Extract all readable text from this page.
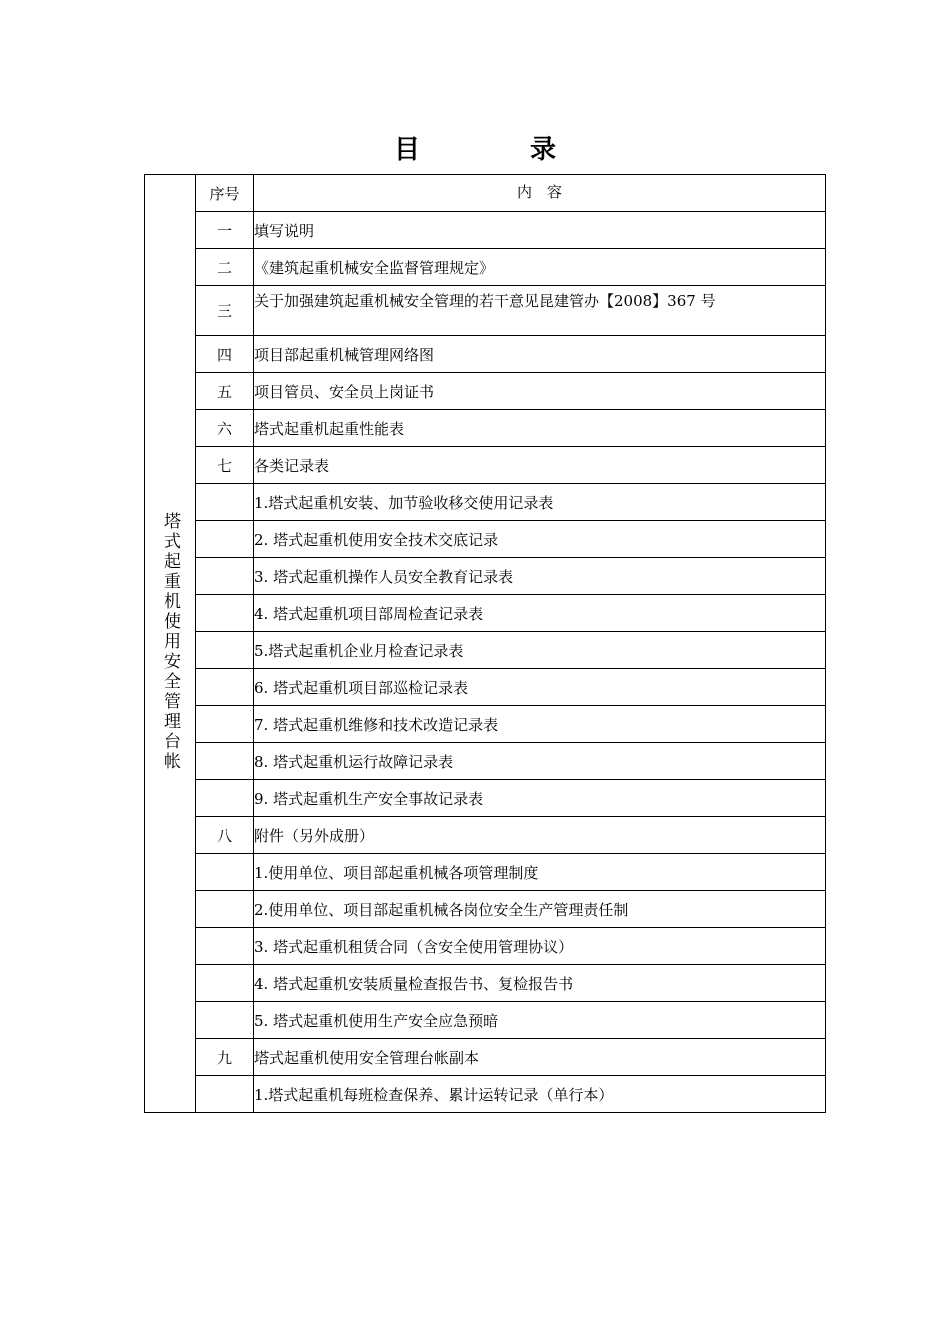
目　录
塔式起重机使用安全管理台帐	序号	内　容
	一	填写说明
	二	《建筑起重机械安全监督管理规定》
	三	关于加强建筑起重机械安全管理的若干意见昆建管办【2008】367 号
	四	项目部起重机械管理网络图
	五	项目管员、安全员上岗证书
	六	塔式起重机起重性能表
	七	各类记录表
		1.塔式起重机安装、加节验收移交使用记录表
		2. 塔式起重机使用安全技术交底记录
		3. 塔式起重机操作人员安全教育记录表
		4. 塔式起重机项目部周检查记录表
		5.塔式起重机企业月检查记录表
		6. 塔式起重机项目部巡检记录表
		7. 塔式起重机维修和技术改造记录表
		8. 塔式起重机运行故障记录表
		9. 塔式起重机生产安全事故记录表
	八	附件（另外成册）
		1.使用单位、项目部起重机械各项管理制度
		2.使用单位、项目部起重机械各岗位安全生产管理责任制
		3. 塔式起重机租赁合同（含安全使用管理协议）
		4. 塔式起重机安装质量检查报告书、复检报告书
		5. 塔式起重机使用生产安全应急预暗
	九	塔式起重机使用安全管理台帐副本
		1.塔式起重机每班检查保养、累计运转记录（单行本）
